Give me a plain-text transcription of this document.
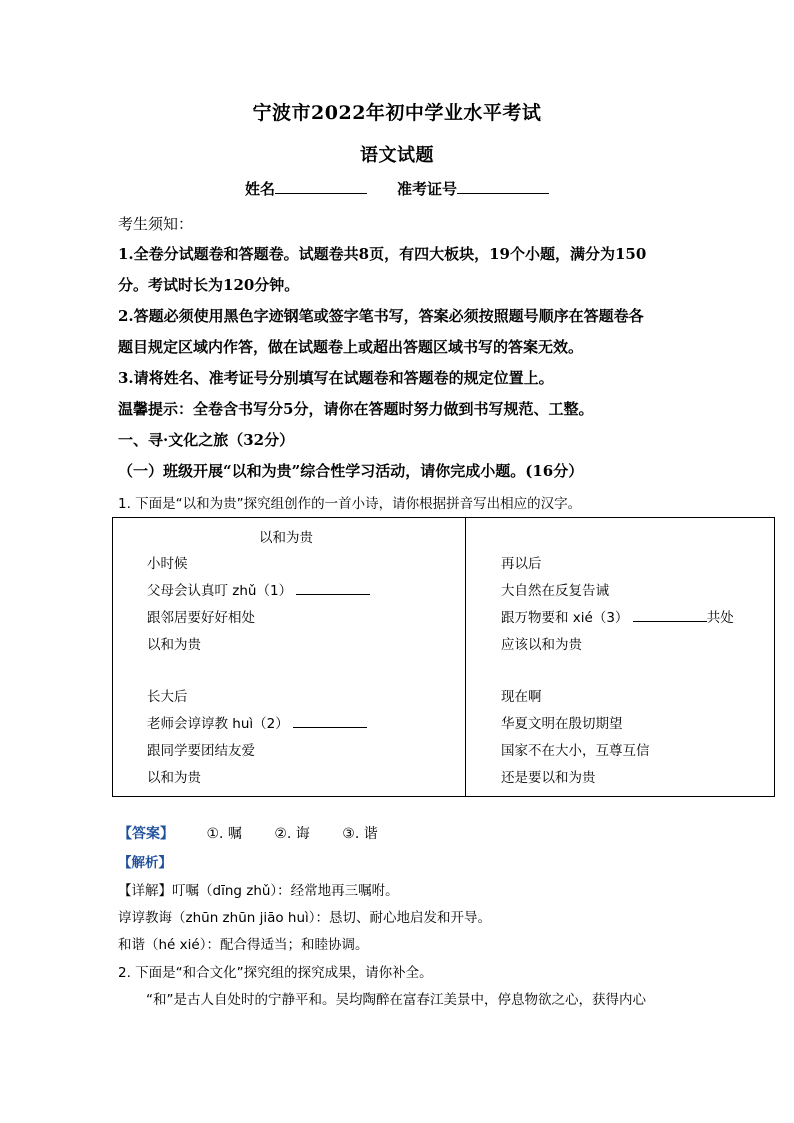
宁波市2022年初中学业水平考试
语文试题
姓名	准考证号
考生须知：
1.全卷分试题卷和答题卷。试题卷共8页，有四大板块，19个小题，满分为150
分。考试时长为120分钟。
2.答题必须使用黑色字迹钢笔或签字笔书写，答案必须按照题号顺序在答题卷各
题目规定区域内作答，做在试题卷上或超出答题区域书写的答案无效。
3.请将姓名、准考证号分别填写在试题卷和答题卷的规定位置上。
温馨提示：全卷含书写分5分，请你在答题时努力做到书写规范、工整。
一、寻·文化之旅（32分）
（一）班级开展“以和为贵”综合性学习活动，请你完成小题。(16分）
1. 下面是“以和为贵”探究组创作的一首小诗，请你根据拼音写出相应的汉字。
以和为贵
小时候
父母会认真叮 zhǔ（1）
跟邻居要好好相处
以和为贵
长大后
老师会谆谆教 huì（2）
跟同学要团结友爱
以和为贵
再以后
大自然在反复告诫
跟万物要和 xié（3）	共处
应该以和为贵
现在啊
华夏文明在殷切期望
国家不在大小，互尊互信
还是要以和为贵
【答案】 ①. 嘱 ②. 诲 ③. 谐
【解析】
【详解】叮嘱（dīng zhǔ）：经常地再三嘱咐。
谆谆教诲（zhūn zhūn jiāo huì）：恳切、耐心地启发和开导。
和谐（hé xié）：配合得适当；和睦协调。
2. 下面是“和合文化”探究组的探究成果，请你补全。
“和”是古人自处时的宁静平和。吴均陶醉在富春江美景中，停息物欲之心，获得内心
